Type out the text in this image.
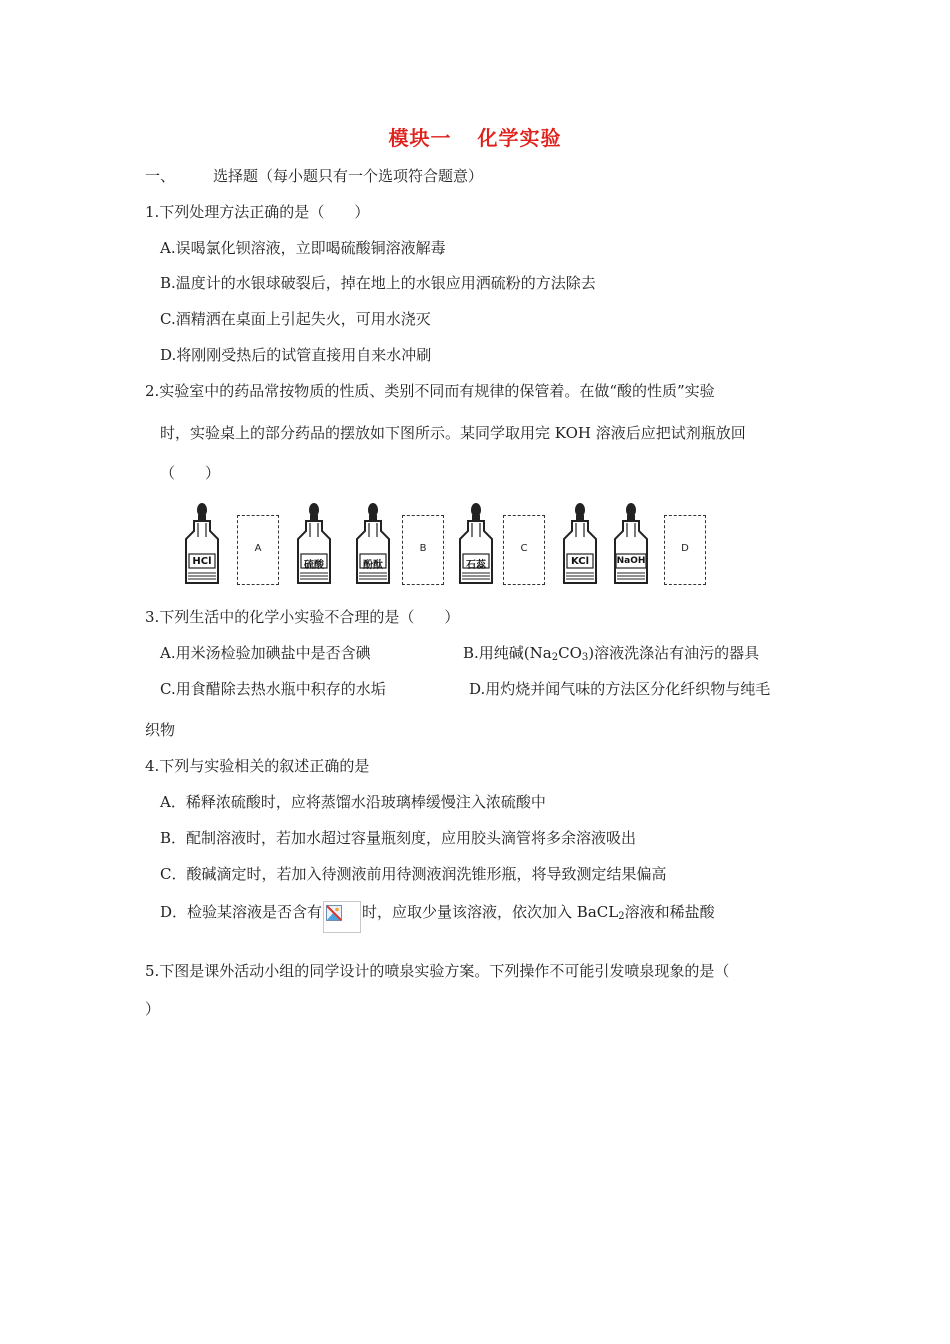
模块一 化学实验
一、	选择题（每小题只有一个选项符合题意）
1.下列处理方法正确的是（　　）
A.误喝氯化钡溶液，立即喝硫酸铜溶液解毒
B.温度计的水银球破裂后，掉在地上的水银应用洒硫粉的方法除去
C.酒精洒在桌面上引起失火，可用水浇灭
D.将刚刚受热后的试管直接用自来水冲刷
2.实验室中的药品常按物质的性质、类别不同而有规律的保管着。在做“酸的性质”实验
时，实验桌上的部分药品的摆放如下图所示。某同学取用完 KOH 溶液后应把试剂瓶放回
（　　）
HCl
A
硫酸	酚酞
B
石蕊
C
KCl	NaOH
D
3.下列生活中的化学小实验不合理的是（　　）
A.用米汤检验加碘盐中是否含碘	B.用纯碱$(Na_2CO_3)$溶液洗涤沾有油污的器具
C.用食醋除去热水瓶中积存的水垢	D.用灼烧并闻气味的方法区分化纤织物与纯毛
织物
4.下列与实验相关的叙述正确的是
A．稀释浓硫酸时，应将蒸馏水沿玻璃棒缓慢注入浓硫酸中
B．配制溶液时，若加水超过容量瓶刻度，应用胶头滴管将多余溶液吸出
C．酸碱滴定时，若加入待测液前用待测液润洗锥形瓶，将导致测定结果偏高
D．检验某溶液是否含有	时，应取少量该溶液，依次加入 BaCL$_2$溶液和稀盐酸
5.下图是课外活动小组的同学设计的喷泉实验方案。下列操作不可能引发喷泉现象的是（
）
